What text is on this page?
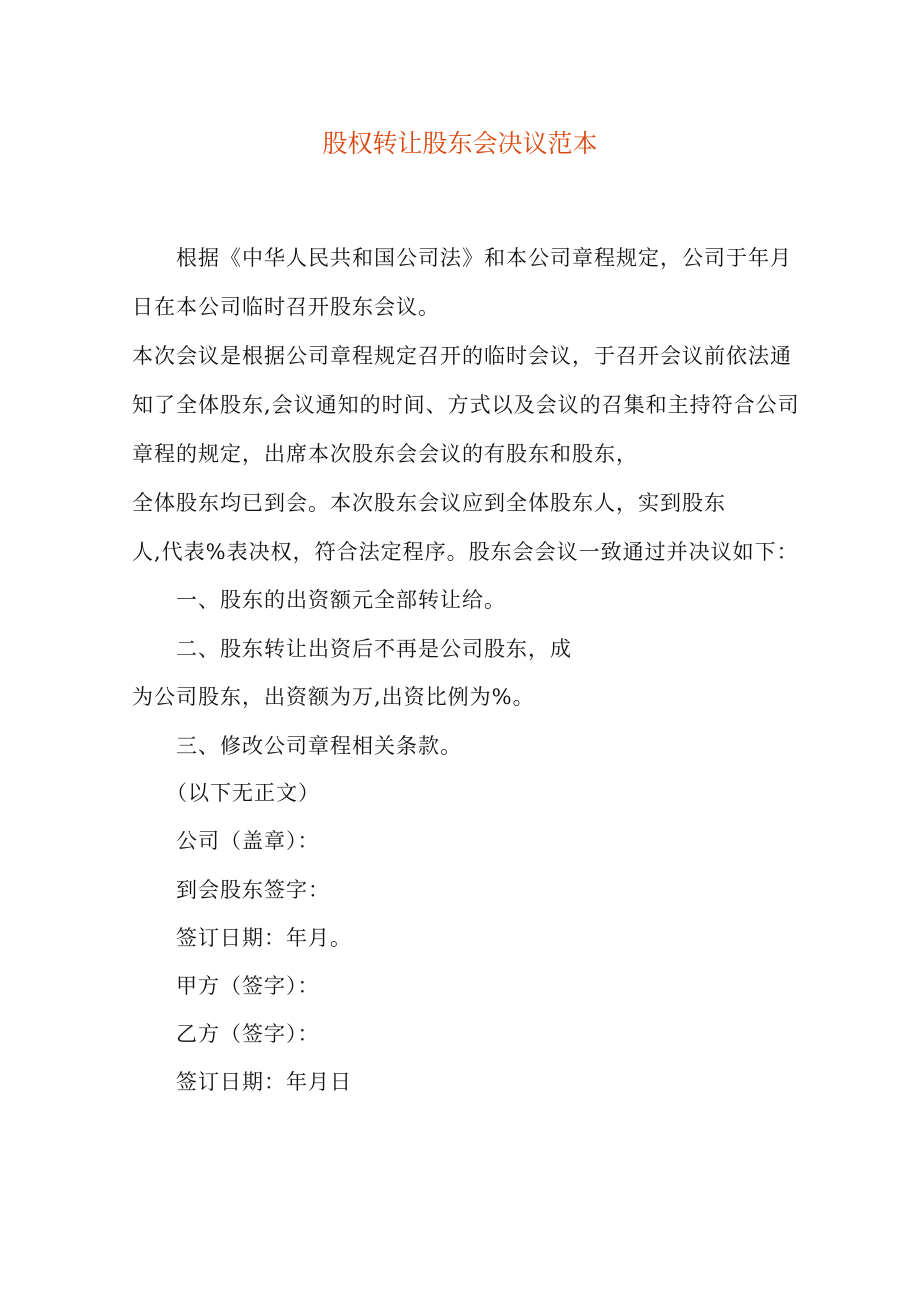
股权转让股东会决议范本

根据《中华人民共和国公司法》和本公司章程规定，公司于年月

日在本公司临时召开股东会议。

本次会议是根据公司章程规定召开的临时会议，于召开会议前依法通

知了全体股东,会议通知的时间、方式以及会议的召集和主持符合公司

章程的规定，出席本次股东会会议的有股东和股东，

全体股东均已到会。本次股东会议应到全体股东人，实到股东

人,代表%表决权，符合法定程序。股东会会议一致通过并决议如下：

一、股东的出资额元全部转让给。

二、股东转让出资后不再是公司股东，成

为公司股东，出资额为万,出资比例为%。

三、修改公司章程相关条款。

（以下无正文）

公司（盖章）：

到会股东签字：

签订日期：年月。

甲方（签字）：

乙方（签字）：

签订日期：年月日
